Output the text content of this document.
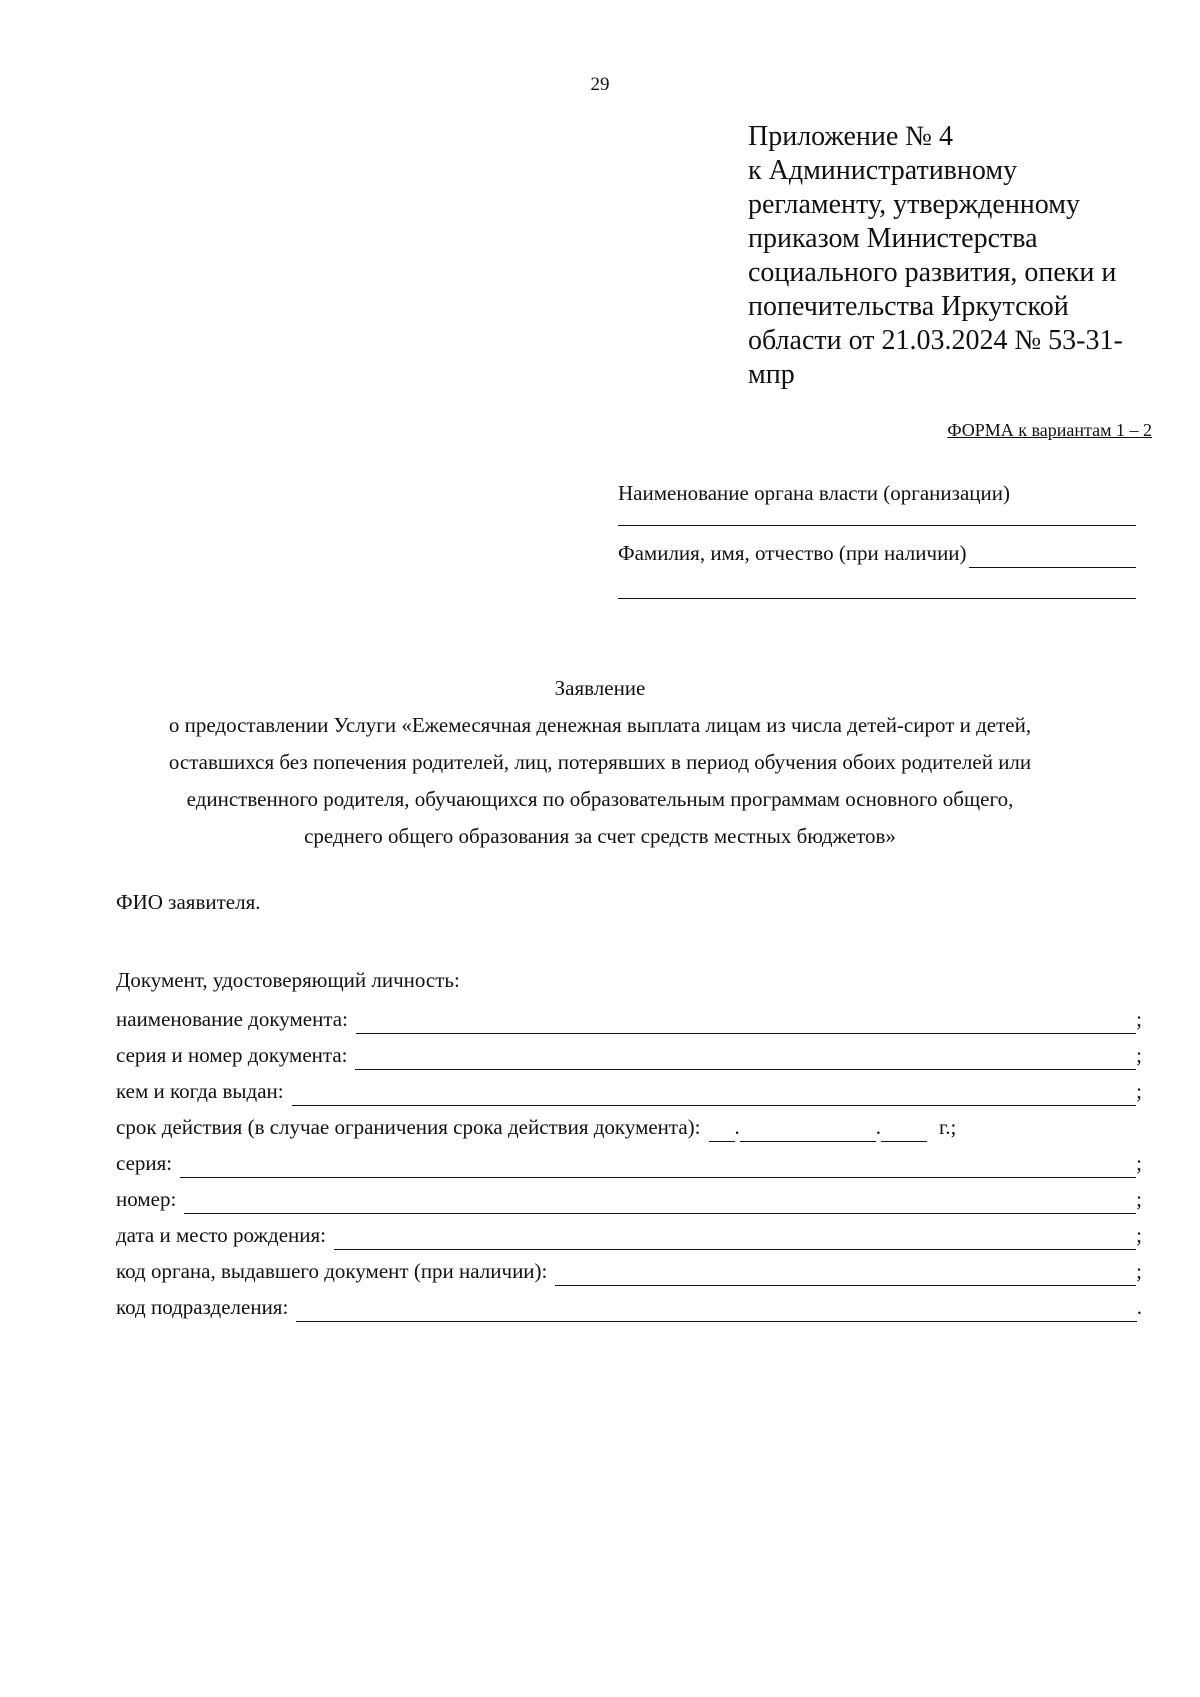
29
Приложение № 4
к Административному
регламенту, утвержденному
приказом Министерства
социального развития, опеки и
попечительства Иркутской
области от 21.03.2024 № 53-31-
мпр
ФОРМА к вариантам 1 – 2
Наименование органа власти (организации)
Фамилия, имя, отчество (при наличии)
Заявление
о предоставлении Услуги «Ежемесячная денежная выплата лицам из числа детей-сирот и детей,
оставшихся без попечения родителей, лиц, потерявших в период обучения обоих родителей или
единственного родителя, обучающихся по образовательным программам основного общего,
среднего общего образования за счет средств местных бюджетов»
ФИО заявителя.
Документ, удостоверяющий личность:
наименование документа:	;
серия и номер документа:	;
кем и когда выдан:	;
срок действия (в случае ограничения срока действия документа): .	.	г.;
серия:	;
номер:	;
дата и место рождения:	;
код органа, выдавшего документ (при наличии):	;
код подразделения:	.
